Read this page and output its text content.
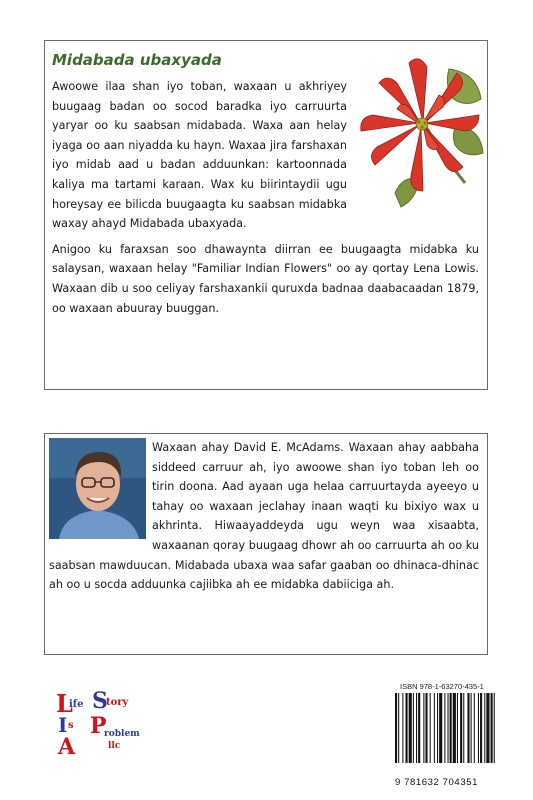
Midabada ubaxyada

Awoowe ilaa shan iyo toban, waxaan u akhriyey buugaag badan oo socod baradka iyo carruurta yaryar oo ku saabsan midabada. Waxa aan helay iyaga oo aan niyadda ku hayn. Waxaa jira farshaxan iyo midab aad u badan adduunkan: kartoonnada kaliya ma tartami karaan. Wax ku biirintaydii ugu horeysay ee bilicda buugaagta ku saabsan midabka waxay ahayd Midabada ubaxyada.

Anigoo ku faraxsan soo dhawaynta diirran ee buugaagta midabka ku salaysan, waxaan helay "Familiar Indian Flowers" oo ay qortay Lena Lowis. Waxaan dib u soo celiyay farshaxankii quruxda badnaa daabacaadan 1879, oo waxaan abuuray buuggan.

Waxaan ahay David E. McAdams. Waxaan ahay aabbaha siddeed carruur ah, iyo awoowe shan iyo toban leh oo tirin doona. Aad ayaan uga helaa carruurtayda ayeeyo u tahay oo waxaan jeclahay inaan waqti ku bixiyo wax u akhrinta. Hiwaayaddeyda ugu weyn waa xisaabta, waxaanan qoray buugaag dhowr ah oo carruurta ah oo ku saabsan mawduucan. Midabada ubaxa waa safar gaaban oo dhinaca-dhinac ah oo u socda adduunka cajiibka ah ee midabka dabiiciga ah.

L
ife S
tory
I s P
roblem
A	llc
ISBN 978-1-63270-435-1
9 781632 704351
